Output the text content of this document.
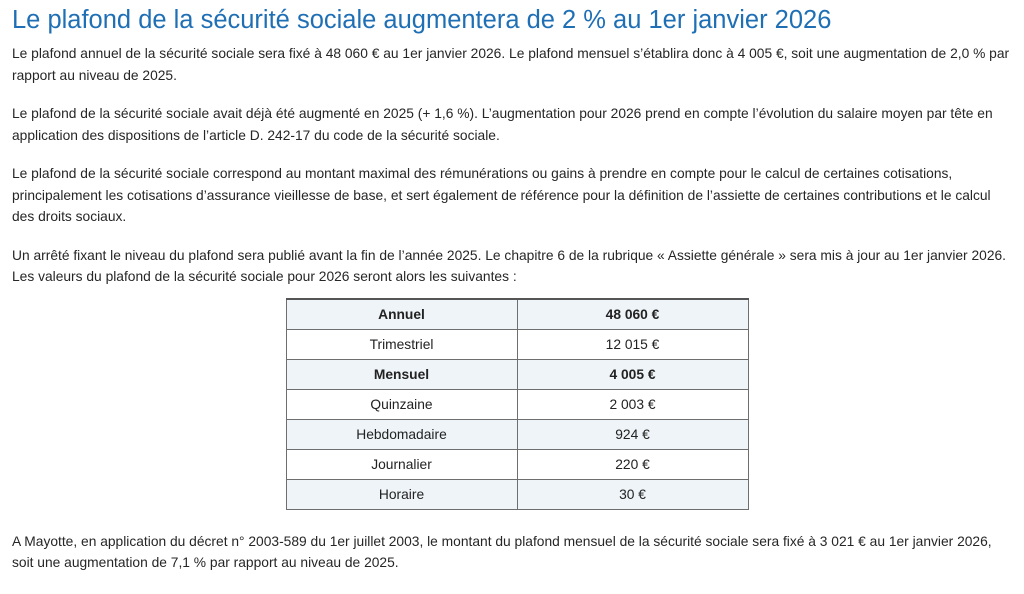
Le plafond de la sécurité sociale augmentera de 2 % au 1er janvier 2026

Le plafond annuel de la sécurité sociale sera fixé à 48 060 € au 1er janvier 2026. Le plafond mensuel s’établira donc à 4 005 €, soit une augmentation de 2,0 % par rapport au niveau de 2025.

Le plafond de la sécurité sociale avait déjà été augmenté en 2025 (+ 1,6 %). L’augmentation pour 2026 prend en compte l’évolution du salaire moyen par tête en application des dispositions de l’article D. 242-17 du code de la sécurité sociale.

Le plafond de la sécurité sociale correspond au montant maximal des rémunérations ou gains à prendre en compte pour le calcul de certaines cotisations, principalement les cotisations d’assurance vieillesse de base, et sert également de référence pour la définition de l’assiette de certaines contributions et le calcul des droits sociaux.

Un arrêté fixant le niveau du plafond sera publié avant la fin de l’année 2025. Le chapitre 6 de la rubrique « Assiette générale » sera mis à jour au 1er janvier 2026. Les valeurs du plafond de la sécurité sociale pour 2026 seront alors les suivantes :

Annuel	48 060 €
Trimestriel	12 015 €
Mensuel	4 005 €
Quinzaine	2 003 €
Hebdomadaire	924 €
Journalier	220 €
Horaire	30 €

A Mayotte, en application du décret n° 2003-589 du 1er juillet 2003, le montant du plafond mensuel de la sécurité sociale sera fixé à 3 021 € au 1er janvier 2026, soit une augmentation de 7,1 % par rapport au niveau de 2025.
